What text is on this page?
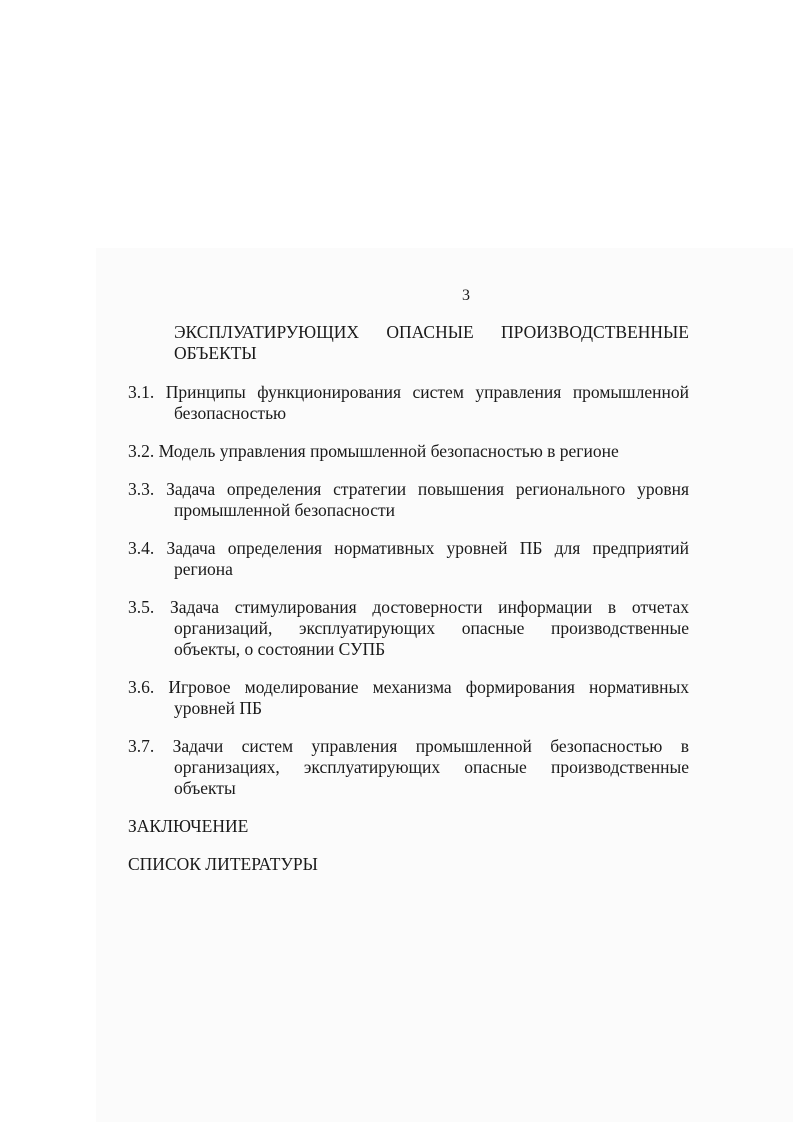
3
ЭКСПЛУАТИРУЮЩИХ ОПАСНЫЕ ПРОИЗВОДСТВЕННЫЕ ОБЪЕКТЫ
3.1. Принципы функционирования систем управления промышленной безопасностью
3.2. Модель управления промышленной безопасностью в регионе
3.3. Задача определения стратегии повышения регионального уровня промышленной безопасности
3.4. Задача определения нормативных уровней ПБ для предприятий региона
3.5. Задача стимулирования достоверности информации в отчетах организаций, эксплуатирующих опасные производственные объекты, о состоянии СУПБ
3.6. Игровое моделирование механизма формирования нормативных уровней ПБ
3.7. Задачи систем управления промышленной безопасностью в организациях, эксплуатирующих опасные производственные объекты
ЗАКЛЮЧЕНИЕ
СПИСОК ЛИТЕРАТУРЫ
